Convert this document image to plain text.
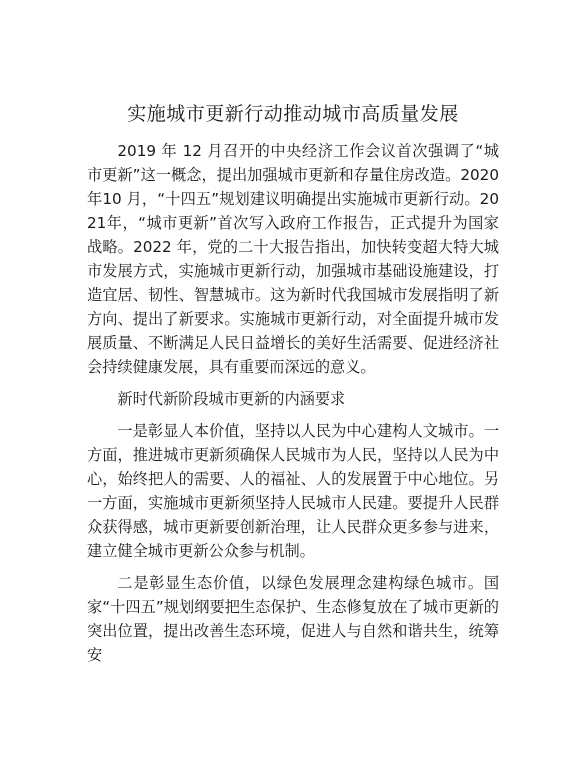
实施城市更新行动推动城市高质量发展

2019 年 12 月召开的中央经济工作会议首次强调了“城市更新”这一概念，提出加强城市更新和存量住房改造。2020 年10 月，“十四五”规划建议明确提出实施城市更新行动。2021年，“城市更新”首次写入政府工作报告，正式提升为国家战略。2022 年，党的二十大报告指出，加快转变超大特大城市发展方式，实施城市更新行动，加强城市基础设施建设，打造宜居、韧性、智慧城市。这为新时代我国城市发展指明了新方向、提出了新要求。实施城市更新行动，对全面提升城市发展质量、不断满足人民日益增长的美好生活需要、促进经济社会持续健康发展，具有重要而深远的意义。

新时代新阶段城市更新的内涵要求

一是彰显人本价值，坚持以人民为中心建构人文城市。一方面，推进城市更新须确保人民城市为人民，坚持以人民为中心，始终把人的需要、人的福祉、人的发展置于中心地位。另一方面，实施城市更新须坚持人民城市人民建。要提升人民群众获得感，城市更新要创新治理，让人民群众更多参与进来，建立健全城市更新公众参与机制。

二是彰显生态价值，以绿色发展理念建构绿色城市。国家“十四五”规划纲要把生态保护、生态修复放在了城市更新的突出位置，提出改善生态环境，促进人与自然和谐共生，统筹安
